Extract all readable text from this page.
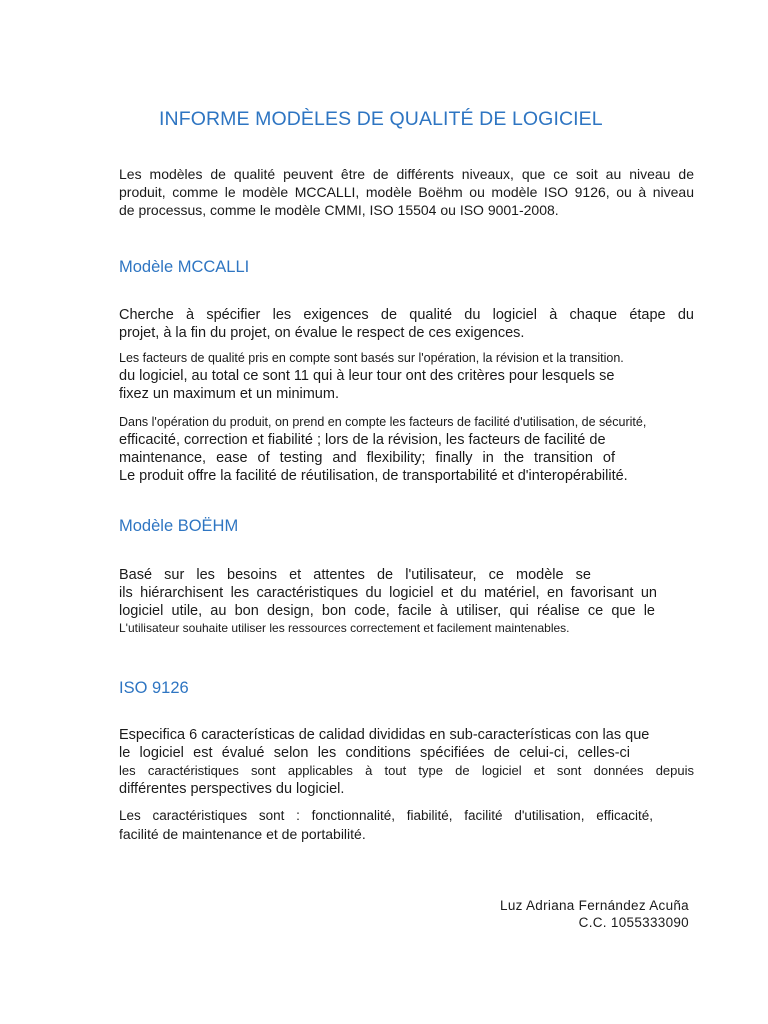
INFORME MODÈLES DE QUALITÉ DE LOGICIEL
Les modèles de qualité peuvent être de différents niveaux, que ce soit au niveau de
produit, comme le modèle MCCALLI, modèle Boëhm ou modèle ISO 9126, ou à niveau
de processus, comme le modèle CMMI, ISO 15504 ou ISO 9001-2008.
Modèle MCCALLI
Cherche à spécifier les exigences de qualité du logiciel à chaque étape du
projet, à la fin du projet, on évalue le respect de ces exigences.
Les facteurs de qualité pris en compte sont basés sur l'opération, la révision et la transition.
du logiciel, au total ce sont 11 qui à leur tour ont des critères pour lesquels se
fixez un maximum et un minimum.
Dans l'opération du produit, on prend en compte les facteurs de facilité d'utilisation, de sécurité,
efficacité, correction et fiabilité ; lors de la révision, les facteurs de facilité de
maintenance, ease of testing and flexibility; finally in the transition of
Le produit offre la facilité de réutilisation, de transportabilité et d'interopérabilité.
Modèle BOËHM
Basé sur les besoins et attentes de l'utilisateur, ce modèle se
ils hiérarchisent les caractéristiques du logiciel et du matériel, en favorisant un
logiciel utile, au bon design, bon code, facile à utiliser, qui réalise ce que le
L'utilisateur souhaite utiliser les ressources correctement et facilement maintenables.
ISO 9126
Especifica 6 características de calidad divididas en sub-características con las que
le logiciel est évalué selon les conditions spécifiées de celui-ci, celles-ci
les caractéristiques sont applicables à tout type de logiciel et sont données depuis
différentes perspectives du logiciel.
Les caractéristiques sont : fonctionnalité, fiabilité, facilité d'utilisation, efficacité,
facilité de maintenance et de portabilité.
Luz Adriana Fernández Acuña
C.C. 1055333090
